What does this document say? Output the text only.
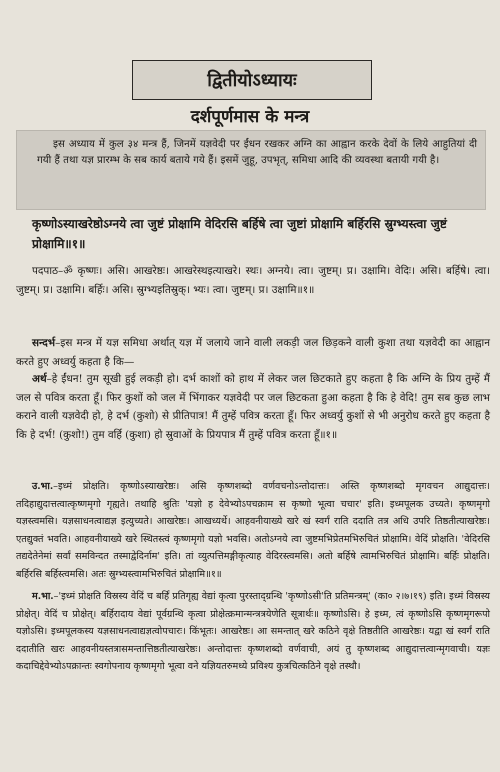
द्वितीयोऽध्यायः
दर्शपूर्णमास के मन्त्र

इस अध्याय में कुल ३४ मन्त्र हैं, जिनमें यज्ञवेदी पर ईंधन रखकर अग्नि का आह्वान करके देवों के लिये आहुतियां दी गयी हैं तथा यज्ञ प्रारम्भ के सब कार्य बताये गये हैं। इसमें जुहू, उपभृत्, समिधा आदि की व्यवस्था बतायी गयी है।

कृष्णोऽस्याखरेष्ठोऽग्नये त्वा जुष्टं प्रोक्षामि वेदिरसि बर्हिषे त्वा जुष्टां प्रोक्षामि बर्हिरसि स्रुग्भ्यस्त्वा जुष्टं प्रोक्षामि॥१॥

पदपाठ–ॐ कृष्णः। असि। आखरेष्ठः। आखरेस्थइत्याखरे। स्थः। अग्नये। त्वा। जुष्टम्। प्र। उक्षामि। वेदिः। असि। बर्हिषे। त्वा। जुष्टम्। प्र। उक्षामि। बर्हिः। असि। स्रुग्भ्यइतिस्रुक्। भ्यः। त्वा। जुष्टम्। प्र। उक्षामि॥१॥

सन्दर्भ–इस मन्त्र में यज्ञ समिधा अर्थात् यज्ञ में जलाये जाने वाली लकड़ी जल छिड़कने वाली कुशा तथा यज्ञवेदी का आह्वान करते हुए अध्वर्यु कहता है कि—

अर्थ–हे ईंधन! तुम सूखी हुई लकड़ी हो। दर्भ काशों को हाथ में लेकर जल छिटकाते हुए कहता है कि अग्नि के प्रिय तुम्हें मैं जल से पवित्र करता हूँ। फिर कुशों को जल में भिंगाकर यज्ञवेदी पर जल छिटकता हुआ कहता है कि हे वेदि! तुम सब कुछ लाभ कराने वाली यज्ञवेदी हो, हे दर्भ (कुशो) से प्रीतिपात्र! मैं तुम्हें पवित्र करता हूँ। फिर अध्वर्यु कुशों से भी अनुरोध करते हुए कहता है कि हे दर्भ! (कुशो!) तुम वर्हि (कुशा) हो स्रुवाओं के प्रियपात्र मैं तुम्हें पवित्र करता हूँ॥१॥

उ.भा.–इध्मं प्रोक्षति। कृष्णोऽस्याखरेष्ठः। असि कृष्णशब्दो वर्णवचनोऽन्तोदात्तः। अस्ति कृष्णशब्दो मृगवचन आद्युदात्तः। तदिहाद्युदात्तत्वात्कृष्णमृगो गृह्यते। तथाहि श्रुतिः 'यज्ञो ह देवेभ्योऽपचक्राम स कृष्णो भूत्वा चचार' इति। इध्मपूलक उच्यते। कृष्णमृगो यज्ञस्त्वमसि। यज्ञसाधनत्वाद्यज्ञ इत्युच्यते। आखरेष्ठः। आखध्यर्थे। आहवनीयाख्ये खरे खं स्वर्गं राति ददाति तत्र अधि उपरि तिष्ठतीत्याखरेष्ठः। एतद्युक्तं भवति। आहवनीयाख्ये खरे स्थितस्त्वं कृष्णमृगो यज्ञो भवसि। अतोऽग्नये त्वा जुष्टमभिप्रेतमभिरुचितं प्रोक्षामि। वेदिं प्रोक्षति। 'वेदिरसि तद्यदेतेनेमां सर्वां समविन्दत तस्माद्वेदिर्नाम' इति। तां व्युत्पत्तिमङ्गीकृत्याह वेदिरस्त्वमसि। अतो बर्हिषे त्वामभिरुचितं प्रोक्षामि। बर्हिः प्रोक्षति। बर्हिरसि बर्हिस्त्वमसि। अतः स्रुग्भ्यस्त्वामभिरुचितं प्रोक्षामि॥१॥

म.भा.–'इध्मं प्रोक्षति विस्रस्य वेदिं च बर्हिं प्रतिगृह्य वेद्यां कृत्वा पुरस्ताद्ग्रन्थि 'कृष्णोऽसी'ति प्रतिमन्त्रम्' (का० २।७।१९) इति। इध्मं विस्रस्य प्रोक्षेत्। वेदिं च प्रोक्षेत्। बर्हिरादाय वेद्यां पूर्वग्रन्थि कृत्वा प्रोक्षेत्क्रमान्मन्त्रत्रयेणेति सूत्रार्थः॥ कृष्णोऽसि। हे इध्म, त्वं कृष्णोऽसि कृष्णमृगरूपो यज्ञोऽसि। इध्मपूलकस्य यज्ञसाधनत्वाद्यज्ञत्वोपचारः। किंभूतः। आखरेष्ठः। आ समन्तात् खरे कठिने वृक्षे तिष्ठतीति आखरेष्ठः। यद्वा खं स्वर्गं राति ददातीति खरः आहवनीयस्तत्रासमन्तात्तिष्ठतीत्याखरेष्ठः। अन्तोदात्तः कृष्णशब्दो वर्णवाची, अयं तु कृष्णशब्द आद्युदात्तत्वान्मृगवाची। यज्ञः कदाचिद्देवेभ्योऽपक्रान्तः स्वगोपनाय कृष्णमृगो भूत्वा वने यज्ञियतरुमध्ये प्रविश्य कुत्रचित्कठिने वृक्षे तस्थौ।
